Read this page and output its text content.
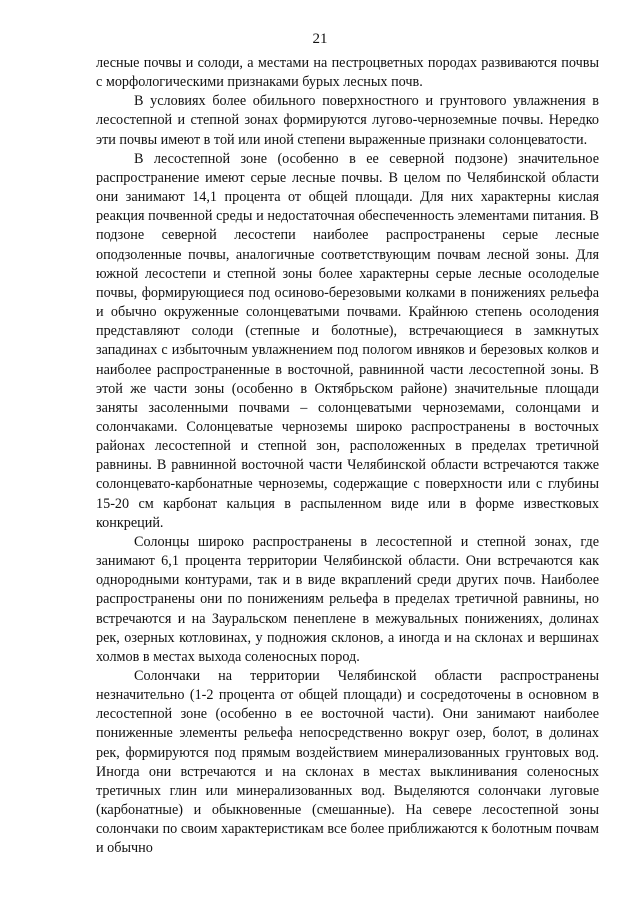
21

лесные почвы и солоди, а местами на пестроцветных породах развиваются почвы с морфологическими признаками бурых лесных почв.

В условиях более обильного поверхностного и грунтового увлажнения в лесостепной и степной зонах формируются лугово-черноземные почвы. Нередко эти почвы имеют в той или иной степени выраженные признаки солонцеватости.

В лесостепной зоне (особенно в ее северной подзоне) значительное распространение имеют серые лесные почвы. В целом по Челябинской области они занимают 14,1 процента от общей площади. Для них характерны кислая реакция почвенной среды и недостаточная обеспеченность элементами питания. В подзоне северной лесостепи наиболее распространены серые лесные оподзоленные почвы, аналогичные соответствующим почвам лесной зоны. Для южной лесостепи и степной зоны более характерны серые лесные осолоделые почвы, формирующиеся под осиново-березовыми колками в понижениях рельефа и обычно окруженные солонцеватыми почвами. Крайнюю степень осолодения представляют солоди (степные и болотные), встречающиеся в замкнутых западинах с избыточным увлажнением под пологом ивняков и березовых колков и наиболее распространенные в восточной, равнинной части лесостепной зоны. В этой же части зоны (особенно в Октябрьском районе) значительные площади заняты засоленными почвами – солонцеватыми черноземами, солонцами и солончаками. Солонцеватые черноземы широко распространены в восточных районах лесостепной и степной зон, расположенных в пределах третичной равнины. В равнинной восточной части Челябинской области встречаются также солонцевато-карбонатные черноземы, содержащие с поверхности или с глубины 15-20 см карбонат кальция в распыленном виде или в форме известковых конкреций.

Солонцы широко распространены в лесостепной и степной зонах, где занимают 6,1 процента территории Челябинской области. Они встречаются как однородными контурами, так и в виде вкраплений среди других почв. Наиболее распространены они по понижениям рельефа в пределах третичной равнины, но встречаются и на Зауральском пенеплене в межувальных понижениях, долинах рек, озерных котловинах, у подножия склонов, а иногда и на склонах и вершинах холмов в местах выхода соленосных пород.

Солончаки на территории Челябинской области распространены незначительно (1-2 процента от общей площади) и сосредоточены в основном в лесостепной зоне (особенно в ее восточной части). Они занимают наиболее пониженные элементы рельефа непосредственно вокруг озер, болот, в долинах рек, формируются под прямым воздействием минерализованных грунтовых вод. Иногда они встречаются и на склонах в местах выклинивания соленосных третичных глин или минерализованных вод. Выделяются солончаки луговые (карбонатные) и обыкновенные (смешанные). На севере лесостепной зоны солончаки по своим характеристикам все более приближаются к болотным почвам и обычно
